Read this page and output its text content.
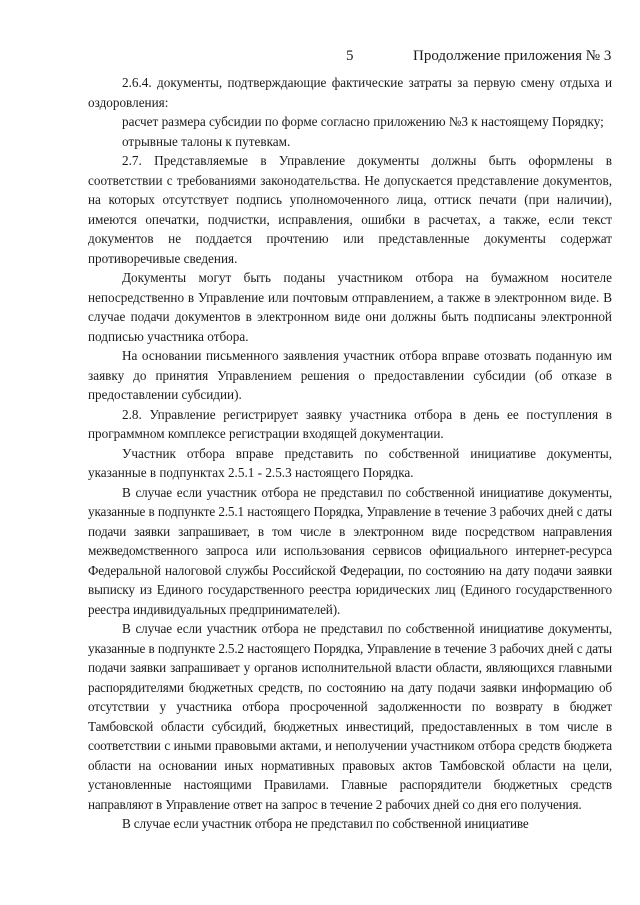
5	Продолжение приложения № 3

2.6.4. документы, подтверждающие фактические затраты за первую смену отдыха и оздоровления:

расчет размера субсидии по форме согласно приложению №3 к настоящему Порядку;

отрывные талоны к путевкам.

2.7. Представляемые в Управление документы должны быть оформлены в соответствии с требованиями законодательства. Не допускается представление документов, на которых отсутствует подпись уполномоченного лица, оттиск печати (при наличии), имеются опечатки, подчистки, исправления, ошибки в расчетах, а также, если текст документов не поддается прочтению или представленные документы содержат противоречивые сведения.

Документы могут быть поданы участником отбора на бумажном носителе непосредственно в Управление или почтовым отправлением, а также в электронном виде. В случае подачи документов в электронном виде они должны быть подписаны электронной подписью участника отбора.

На основании письменного заявления участник отбора вправе отозвать поданную им заявку до принятия Управлением решения о предоставлении субсидии (об отказе в предоставлении субсидии).

2.8. Управление регистрирует заявку участника отбора в день ее поступления в программном комплексе регистрации входящей документации.

Участник отбора вправе представить по собственной инициативе документы, указанные в подпунктах 2.5.1 - 2.5.3 настоящего Порядка.

В случае если участник отбора не представил по собственной инициативе документы, указанные в подпункте 2.5.1 настоящего Порядка, Управление в течение 3 рабочих дней с даты подачи заявки запрашивает, в том числе в электронном виде посредством направления межведомственного запроса или использования сервисов официального интернет-ресурса Федеральной налоговой службы Российской Федерации, по состоянию на дату подачи заявки выписку из Единого государственного реестра юридических лиц (Единого государственного реестра индивидуальных предпринимателей).

В случае если участник отбора не представил по собственной инициативе документы, указанные в подпункте 2.5.2 настоящего Порядка, Управление в течение 3 рабочих дней с даты подачи заявки запрашивает у органов исполнительной власти области, являющихся главными распорядителями бюджетных средств, по состоянию на дату подачи заявки информацию об отсутствии у участника отбора просроченной задолженности по возврату в бюджет Тамбовской области субсидий, бюджетных инвестиций, предоставленных в том числе в соответствии с иными правовыми актами, и неполучении участником отбора средств бюджета области на основании иных нормативных правовых актов Тамбовской области на цели, установленные настоящими Правилами. Главные распорядители бюджетных средств направляют в Управление ответ на запрос в течение 2 рабочих дней со дня его получения.

В случае если участник отбора не представил по собственной инициативе
